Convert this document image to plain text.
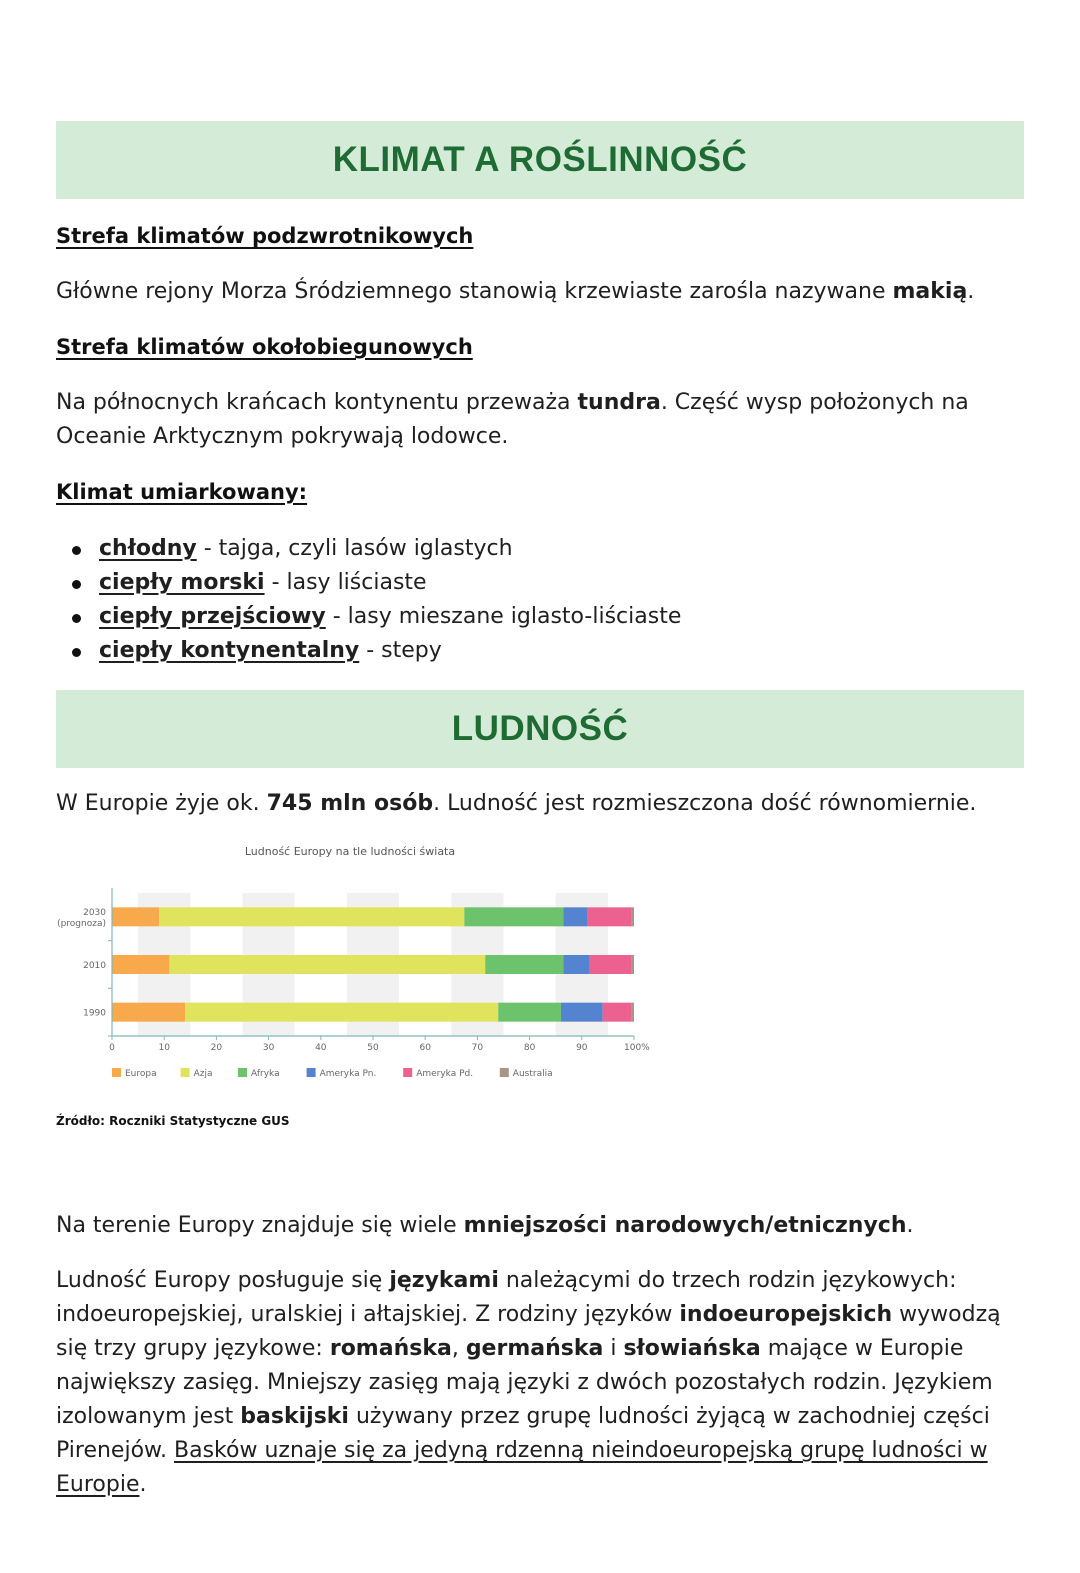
KLIMAT A ROŚLINNOŚĆ
Strefa klimatów podzwrotnikowych
Główne rejony Morza Śródziemnego stanowią krzewiaste zarośla nazywane makią.
Strefa klimatów okołobiegunowych
Na północnych krańcach kontynentu przeważa tundra. Część wysp położonych na Oceanie Arktycznym pokrywają lodowce.
Klimat umiarkowany:
chłodny - tajga, czyli lasów iglastych
ciepły morski - lasy liściaste
ciepły przejściowy - lasy mieszane iglasto-liściaste
ciepły kontynentalny - stepy
LUDNOŚĆ
W Europie żyje ok. 745 mln osób. Ludność jest rozmieszczona dość równomiernie.
Ludność Europy na tle ludności świata
2030
(prognoza)
2010
1990
0	10	20	30	40	50	60	70	80	90	100%
Europa	Azja	Afryka	Ameryka Pn.	Ameryka Pd.	Australia
Źródło: Roczniki Statystyczne GUS
Na terenie Europy znajduje się wiele mniejszości narodowych/etnicznych.
Ludność Europy posługuje się językami należącymi do trzech rodzin językowych: indoeuropejskiej, uralskiej i ałtajskiej. Z rodziny języków indoeuropejskich wywodzą się trzy grupy językowe: romańska, germańska i słowiańska mające w Europie największy zasięg. Mniejszy zasięg mają języki z dwóch pozostałych rodzin. Językiem izolowanym jest baskijski używany przez grupę ludności żyjącą w zachodniej części Pirenejów. Basków uznaje się za jedyną rdzenną nieindoeuropejską grupę ludności w Europie.
